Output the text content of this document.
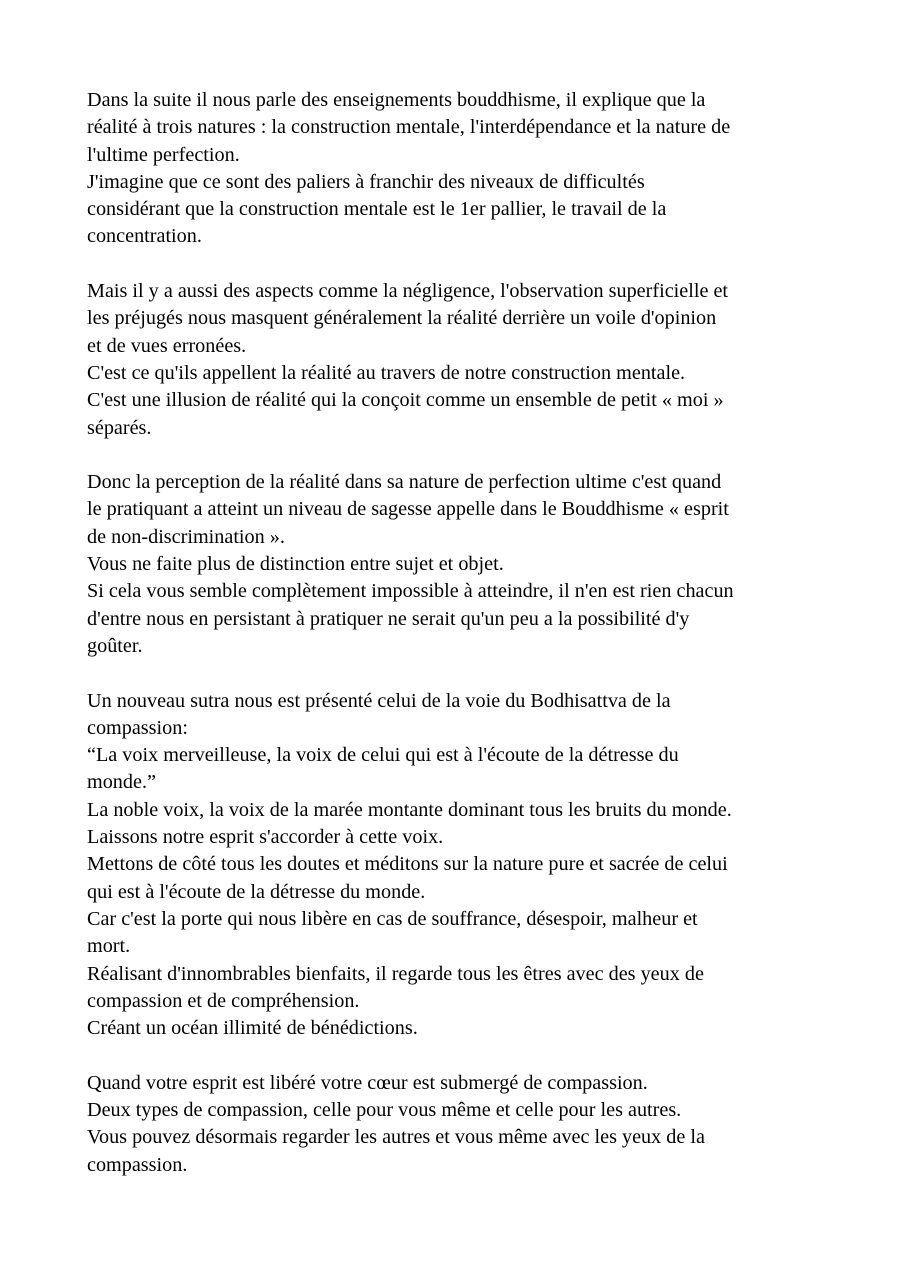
Dans la suite il nous parle des enseignements bouddhisme, il explique que la
réalité à trois natures : la construction mentale, l'interdépendance et la nature de
l'ultime perfection.
J'imagine que ce sont des paliers à franchir des niveaux de difficultés
considérant que la construction mentale est le 1er pallier, le travail de la
concentration.

Mais il y a aussi des aspects comme la négligence, l'observation superficielle et
les préjugés nous masquent généralement la réalité derrière un voile d'opinion
et de vues erronées.
C'est ce qu'ils appellent la réalité au travers de notre construction mentale.
C'est une illusion de réalité qui la conçoit comme un ensemble de petit « moi »
séparés.

Donc la perception de la réalité dans sa nature de perfection ultime c'est quand
le pratiquant a atteint un niveau de sagesse appelle dans le Bouddhisme « esprit
de non-discrimination ».
Vous ne faite plus de distinction entre sujet et objet.
Si cela vous semble complètement impossible à atteindre, il n'en est rien chacun
d'entre nous en persistant à pratiquer ne serait qu'un peu a la possibilité d'y
goûter.

Un nouveau sutra nous est présenté celui de la voie du Bodhisattva de la
compassion:
“La voix merveilleuse, la voix de celui qui est à l'écoute de la détresse du
monde.”
La noble voix, la voix de la marée montante dominant tous les bruits du monde.
Laissons notre esprit s'accorder à cette voix.
Mettons de côté tous les doutes et méditons sur la nature pure et sacrée de celui
qui est à l'écoute de la détresse du monde.
Car c'est la porte qui nous libère en cas de souffrance, désespoir, malheur et
mort.
Réalisant d'innombrables bienfaits, il regarde tous les êtres avec des yeux de
compassion et de compréhension.
Créant un océan illimité de bénédictions.

Quand votre esprit est libéré votre cœur est submergé de compassion.
Deux types de compassion, celle pour vous même et celle pour les autres.
Vous pouvez désormais regarder les autres et vous même avec les yeux de la
compassion.
